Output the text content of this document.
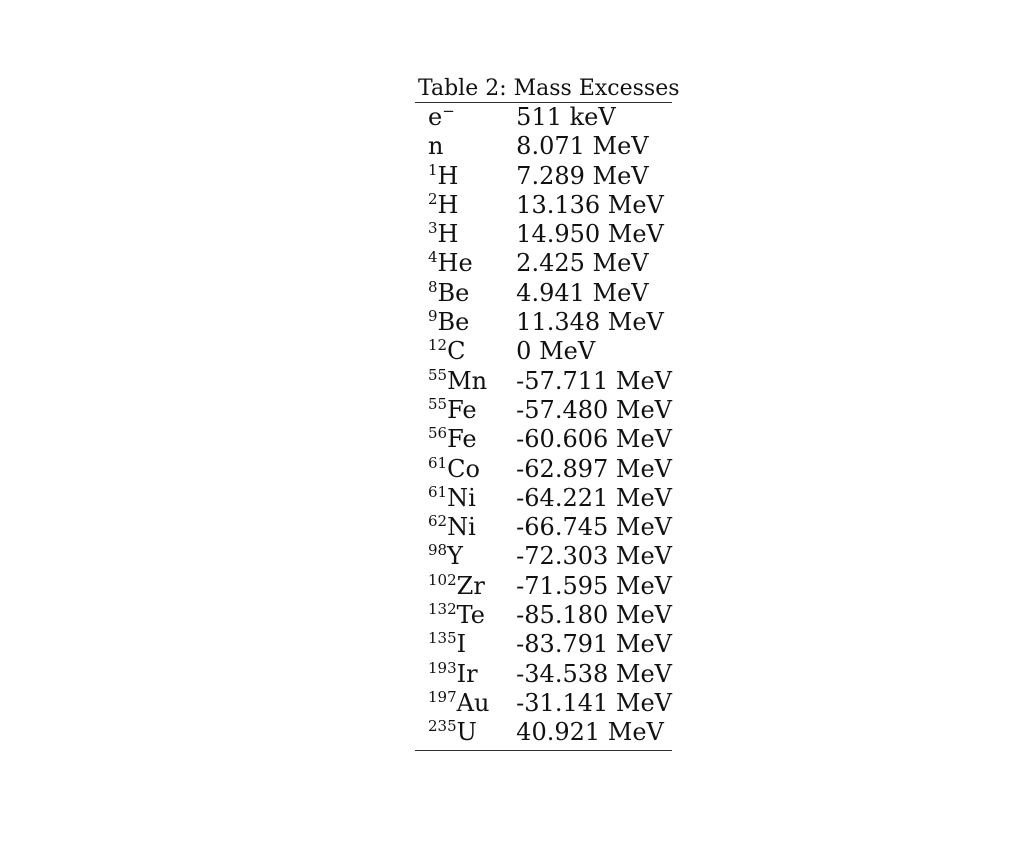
Table 2: Mass Excesses
e−	511 keV
n	8.071 MeV
$^1$H	7.289 MeV
$^2$H	13.136 MeV
$^3$H	14.950 MeV
$^4$He	2.425 MeV
$^8$Be	4.941 MeV
$^9$Be	11.348 MeV
$^{12}$C	0 MeV
$^{55}$Mn	-57.711 MeV
$^{55}$Fe	-57.480 MeV
$^{56}$Fe	-60.606 MeV
$^{61}$Co	-62.897 MeV
$^{61}$Ni	-64.221 MeV
$^{62}$Ni	-66.745 MeV
$^{98}$Y	-72.303 MeV
$^{102}$Zr	-71.595 MeV
$^{132}$Te	-85.180 MeV
$^{135}$I	-83.791 MeV
$^{193}$Ir	-34.538 MeV
$^{197}$Au	-31.141 MeV
$^{235}$U	40.921 MeV
